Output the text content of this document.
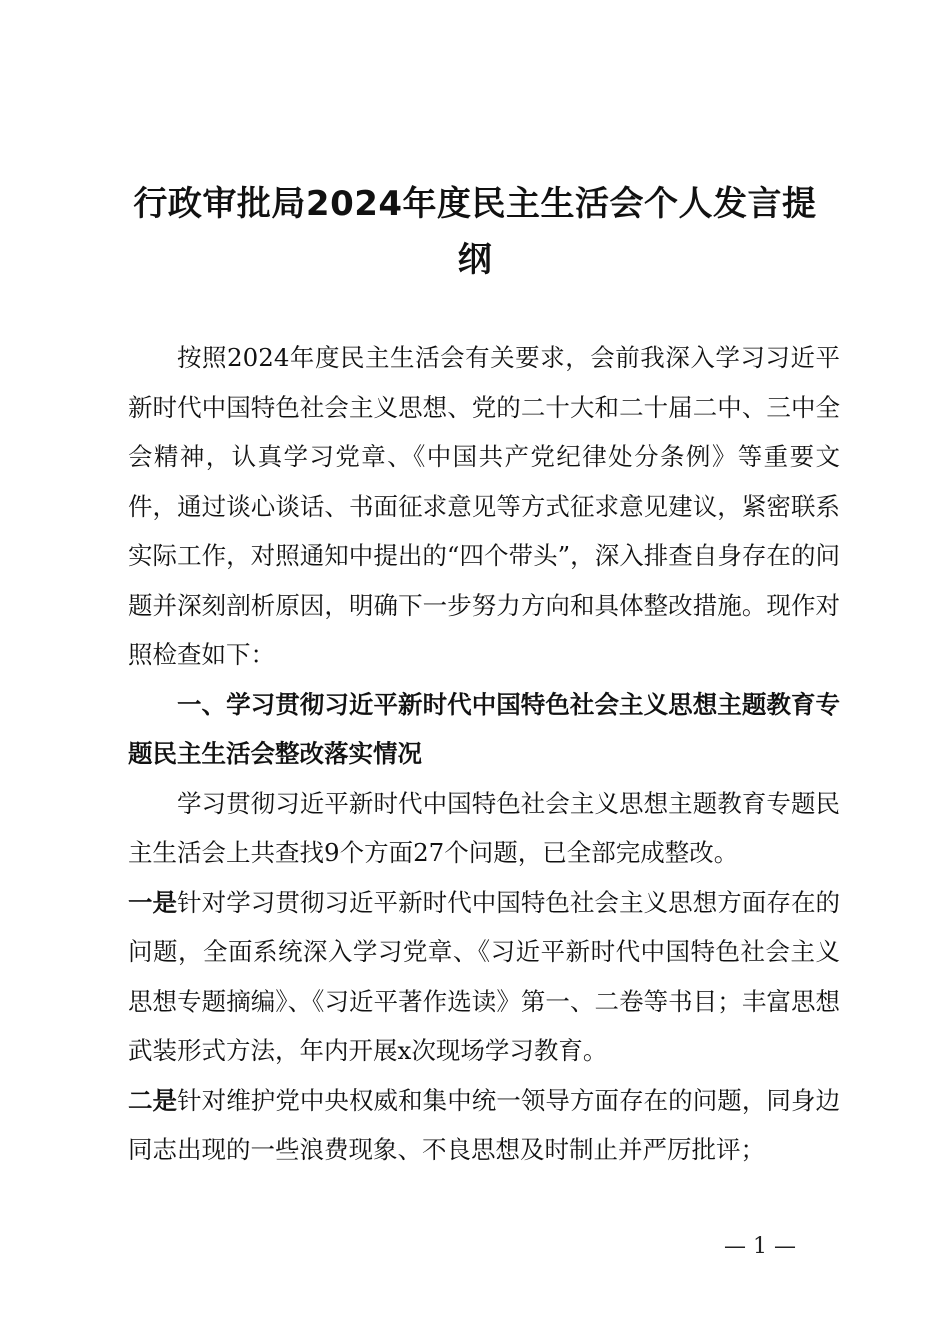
行政审批局2024年度民主生活会个人发言提
纲

按照2024年度民主生活会有关要求，会前我深入学习习近平新时代中国特色社会主义思想、党的二十大和二十届二中、三中全会精神，认真学习党章、《中国共产党纪律处分条例》等重要文件，通过谈心谈话、书面征求意见等方式征求意见建议，紧密联系实际工作，对照通知中提出的“四个带头”，深入排查自身存在的问题并深刻剖析原因，明确下一步努力方向和具体整改措施。现作对照检查如下：

一、学习贯彻习近平新时代中国特色社会主义思想主题教育专题民主生活会整改落实情况

学习贯彻习近平新时代中国特色社会主义思想主题教育专题民主生活会上共查找9个方面27个问题，已全部完成整改。

一是针对学习贯彻习近平新时代中国特色社会主义思想方面存在的问题，全面系统深入学习党章、《习近平新时代中国特色社会主义思想专题摘编》、《习近平著作选读》第一、二卷等书目；丰富思想武装形式方法，年内开展x次现场学习教育。

二是针对维护党中央权威和集中统一领导方面存在的问题，同身边同志出现的一些浪费现象、不良思想及时制止并严厉批评；

— 1 —
